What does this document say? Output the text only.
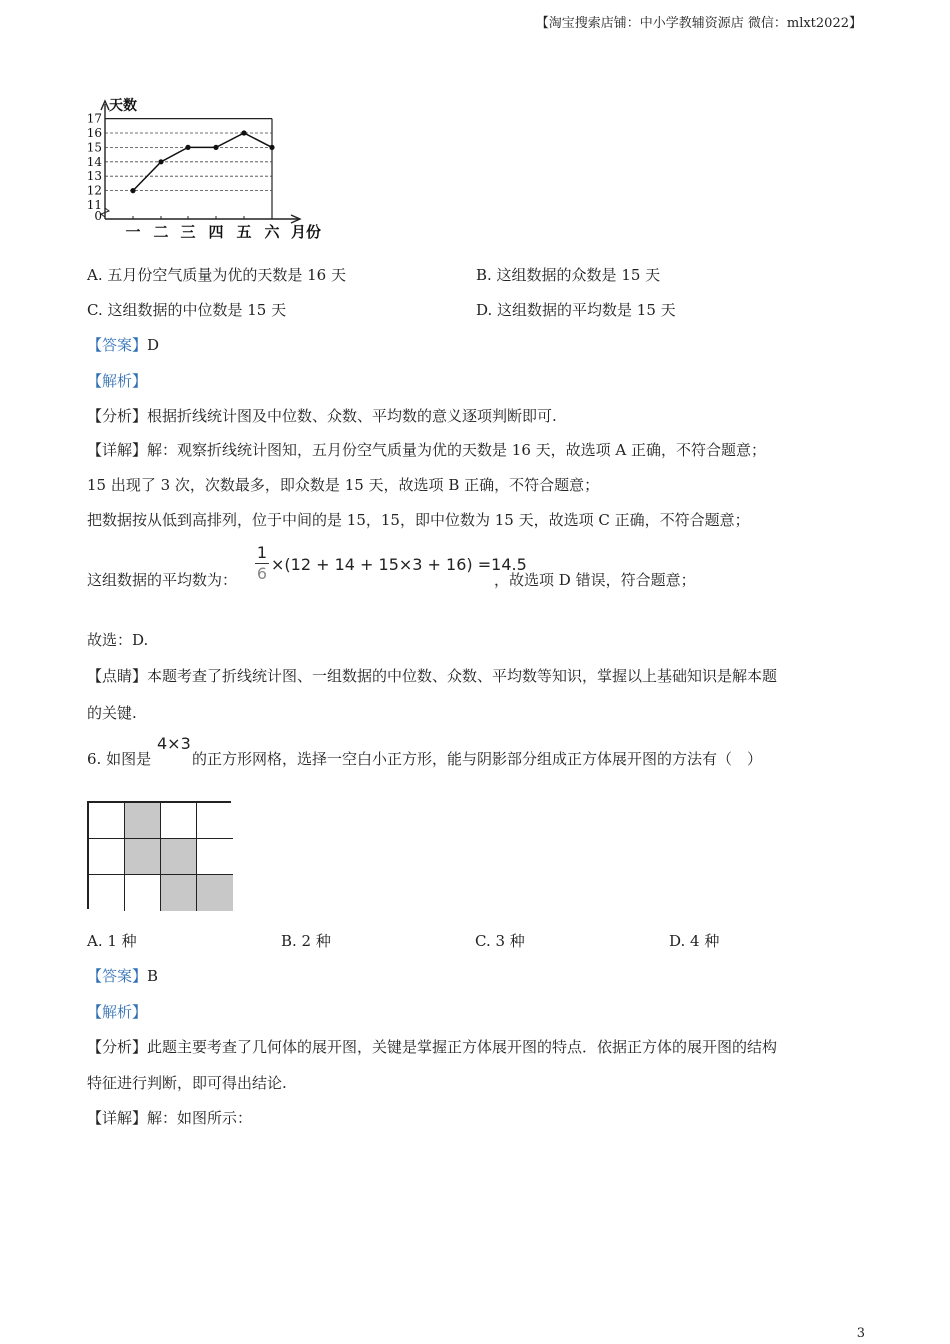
【淘宝搜索店铺：中小学教辅资源店 微信：mlxt2022】
0
11
12
13
14
15
16
17
天数
一 二 三 四 五 六 月份
A. 五月份空气质量为优的天数是 16 天	B. 这组数据的众数是 15 天
C. 这组数据的中位数是 15 天	D. 这组数据的平均数是 15 天
【答案】D
【解析】
【分析】根据折线统计图及中位数、众数、平均数的意义逐项判断即可.
【详解】解：观察折线统计图知，五月份空气质量为优的天数是 16 天，故选项 A 正确，不符合题意；
15 出现了 3 次，次数最多，即众数是 15 天，故选项 B 正确，不符合题意；
把数据按从低到高排列，位于中间的是 15，15，即中位数为 15 天，故选项 C 正确，不符合题意；
这组数据的平均数为： $\frac{1}{6} \times(12 + 14 + 15\times 3 + 16) =14.5$
，故选项 D 错误，符合题意；
故选：D.
【点睛】本题考查了折线统计图、一组数据的中位数、众数、平均数等知识，掌握以上基础知识是解本题
的关键.
6. 如图是
4×3
的正方形网格，选择一空白小正方形，能与阴影部分组成正方体展开图的方法有（　）
A. 1 种	B. 2 种	C. 3 种	D. 4 种
【答案】B
【解析】
【分析】此题主要考查了几何体的展开图，关键是掌握正方体展开图的特点．依据正方体的展开图的结构
特征进行判断，即可得出结论.
【详解】解：如图所示：
3
